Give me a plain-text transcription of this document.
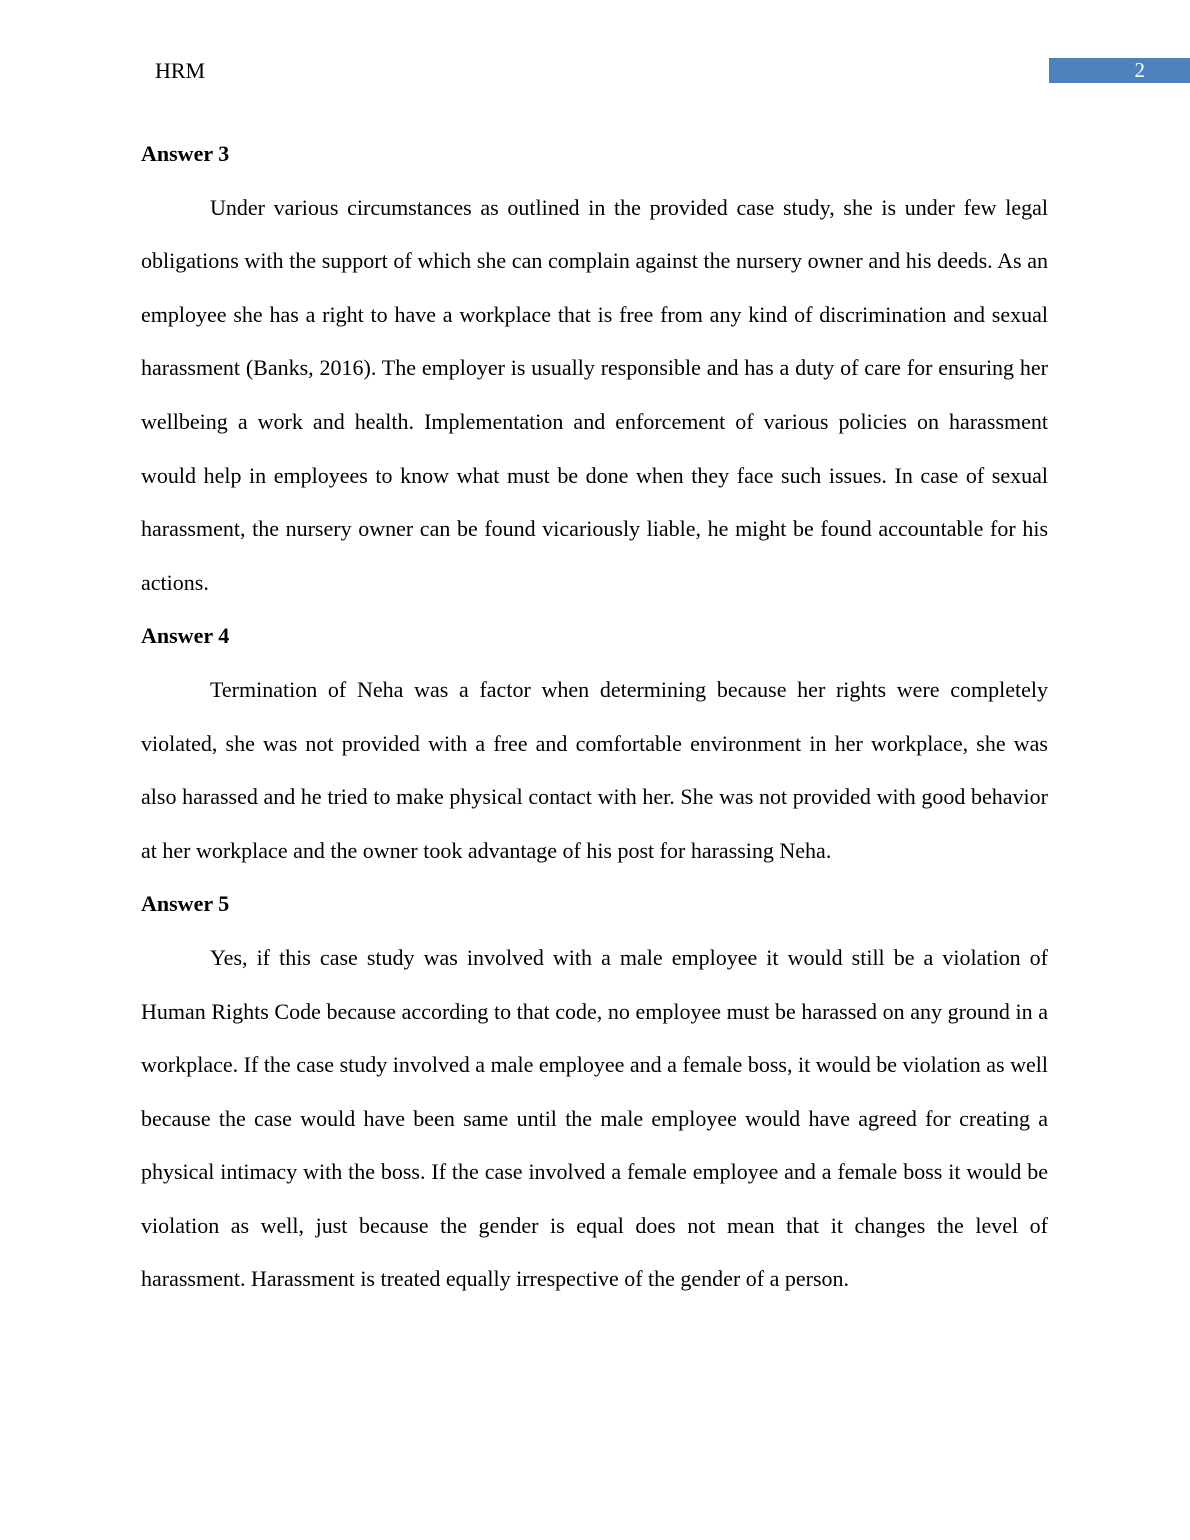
HRM	2

Answer 3

Under various circumstances as outlined in the provided case study, she is under few legal obligations with the support of which she can complain against the nursery owner and his deeds. As an employee she has a right to have a workplace that is free from any kind of discrimination and sexual harassment (Banks, 2016). The employer is usually responsible and has a duty of care for ensuring her wellbeing a work and health. Implementation and enforcement of various policies on harassment would help in employees to know what must be done when they face such issues. In case of sexual harassment, the nursery owner can be found vicariously liable, he might be found accountable for his actions.

Answer 4

Termination of Neha was a factor when determining because her rights were completely violated, she was not provided with a free and comfortable environment in her workplace, she was also harassed and he tried to make physical contact with her. She was not provided with good behavior at her workplace and the owner took advantage of his post for harassing Neha.

Answer 5

Yes, if this case study was involved with a male employee it would still be a violation of Human Rights Code because according to that code, no employee must be harassed on any ground in a workplace. If the case study involved a male employee and a female boss, it would be violation as well because the case would have been same until the male employee would have agreed for creating a physical intimacy with the boss. If the case involved a female employee and a female boss it would be violation as well, just because the gender is equal does not mean that it changes the level of harassment. Harassment is treated equally irrespective of the gender of a person.
